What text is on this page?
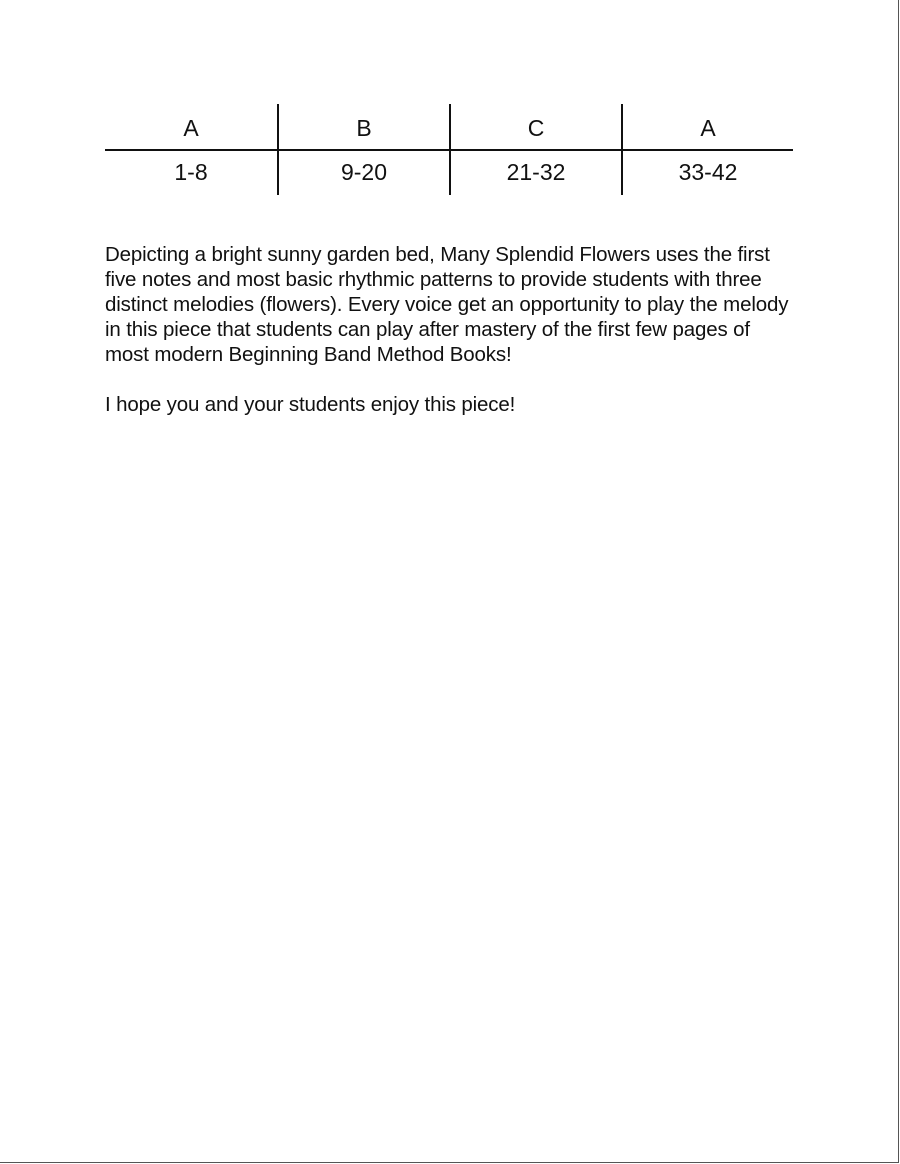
A	B	C	A
1-8	9-20	21-32	33-42

Depicting a bright sunny garden bed, Many Splendid Flowers uses the first five notes and most basic rhythmic patterns to provide students with three distinct melodies (flowers). Every voice get an opportunity to play the melody in this piece that students can play after mastery of the first few pages of most modern Beginning Band Method Books!

I hope you and your students enjoy this piece!
